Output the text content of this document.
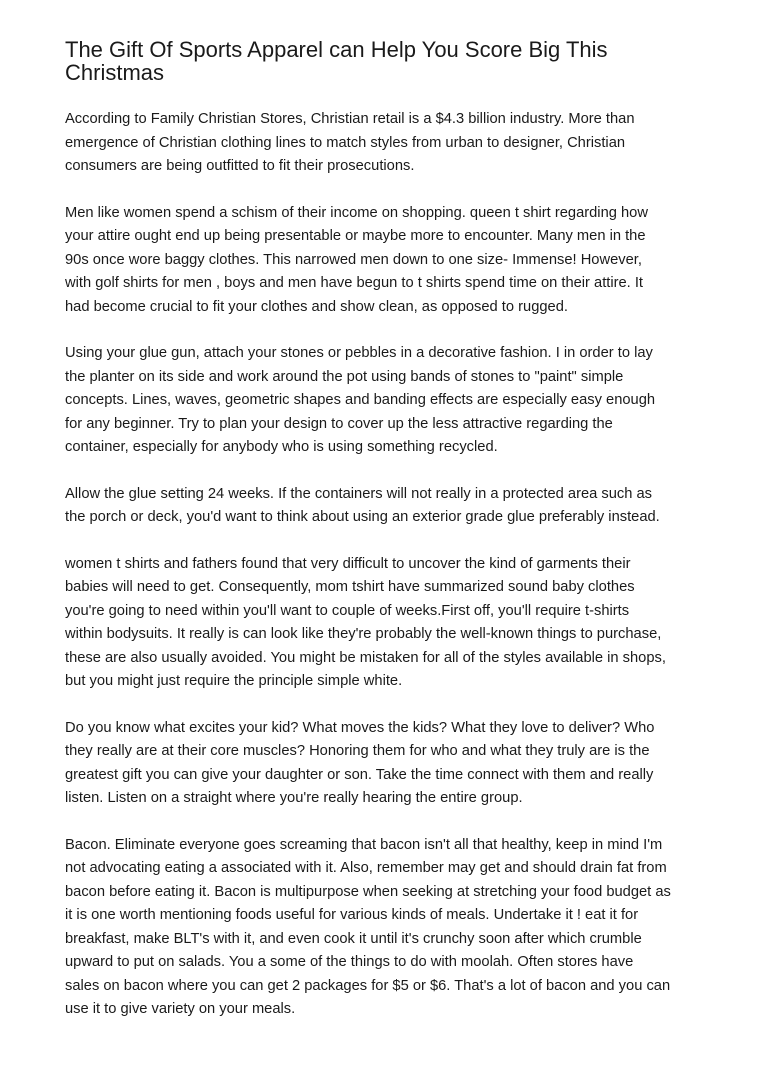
The Gift Of Sports Apparel can Help You Score Big This
Christmas

According to Family Christian Stores, Christian retail is a $4.3 billion industry. More than
emergence of Christian clothing lines to match styles from urban to designer, Christian
consumers are being outfitted to fit their prosecutions.

Men like women spend a schism of their income on shopping. queen t shirt regarding how
your attire ought end up being presentable or maybe more to encounter. Many men in the
90s once wore baggy clothes. This narrowed men down to one size- Immense! However,
with golf shirts for men , boys and men have begun to t shirts spend time on their attire. It
had become crucial to fit your clothes and show clean, as opposed to rugged.

Using your glue gun, attach your stones or pebbles in a decorative fashion. I in order to lay
the planter on its side and work around the pot using bands of stones to "paint" simple
concepts. Lines, waves, geometric shapes and banding effects are especially easy enough
for any beginner. Try to plan your design to cover up the less attractive regarding the
container, especially for anybody who is using something recycled.

Allow the glue setting 24 weeks. If the containers will not really in a protected area such as
the porch or deck, you'd want to think about using an exterior grade glue preferably instead.

women t shirts and fathers found that very difficult to uncover the kind of garments their
babies will need to get. Consequently, mom tshirt have summarized sound baby clothes
you're going to need within you'll want to couple of weeks.First off, you'll require t-shirts
within bodysuits. It really is can look like they're probably the well-known things to purchase,
these are also usually avoided. You might be mistaken for all of the styles available in shops,
but you might just require the principle simple white.

Do you know what excites your kid? What moves the kids? What they love to deliver? Who
they really are at their core muscles? Honoring them for who and what they truly are is the
greatest gift you can give your daughter or son. Take the time connect with them and really
listen. Listen on a straight where you're really hearing the entire group.

Bacon. Eliminate everyone goes screaming that bacon isn't all that healthy, keep in mind I'm
not advocating eating a associated with it. Also, remember may get and should drain fat from
bacon before eating it. Bacon is multipurpose when seeking at stretching your food budget as
it is one worth mentioning foods useful for various kinds of meals. Undertake it ! eat it for
breakfast, make BLT's with it, and even cook it until it's crunchy soon after which crumble
upward to put on salads. You a some of the things to do with moolah. Often stores have
sales on bacon where you can get 2 packages for $5 or $6. That's a lot of bacon and you can
use it to give variety on your meals.
